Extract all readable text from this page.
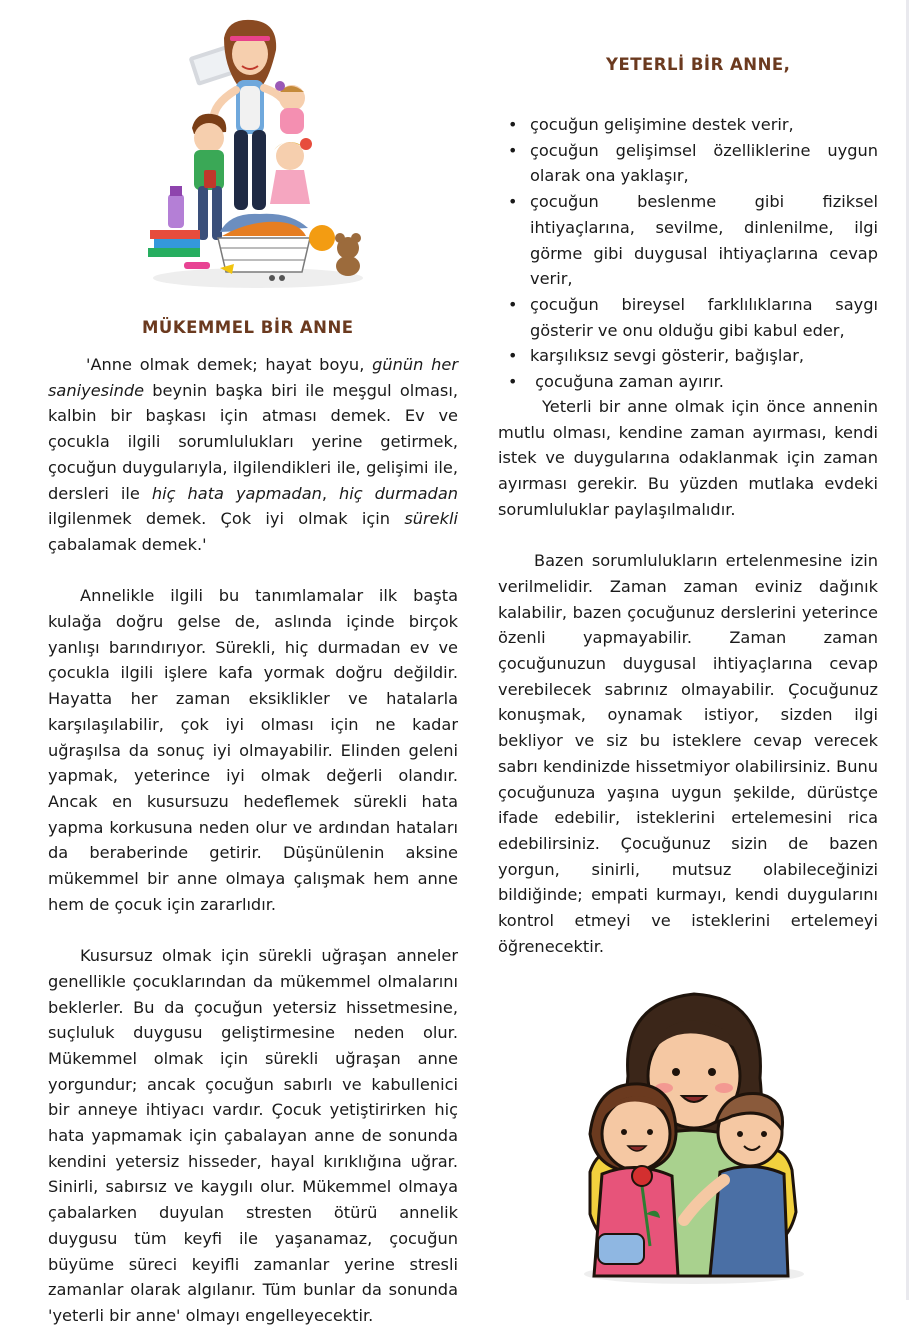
MÜKEMMEL BİR ANNE

'Anne olmak demek; hayat boyu, günün her saniyesinde beynin başka biri ile meşgul olması, kalbin bir başkası için atması demek. Ev ve çocukla ilgili sorumlulukları yerine getirmek, çocuğun duygularıyla, ilgilendikleri ile, gelişimi ile, dersleri ile hiç hata yapmadan, hiç durmadan ilgilenmek demek. Çok iyi olmak için sürekli çabalamak demek.'

Annelikle ilgili bu tanımlamalar ilk başta kulağa doğru gelse de, aslında içinde birçok yanlışı barındırıyor. Sürekli, hiç durmadan ev ve çocukla ilgili işlere kafa yormak doğru değildir. Hayatta her zaman eksiklikler ve hatalarla karşılaşılabilir, çok iyi olması için ne kadar uğraşılsa da sonuç iyi olmayabilir. Elinden geleni yapmak, yeterince iyi olmak değerli olandır. Ancak en kusursuzu hedeflemek sürekli hata yapma korkusuna neden olur ve ardından hataları da beraberinde getirir. Düşünülenin aksine mükemmel bir anne olmaya çalışmak hem anne hem de çocuk için zararlıdır.

Kusursuz olmak için sürekli uğraşan anneler genellikle çocuklarından da mükemmel olmalarını beklerler. Bu da çocuğun yetersiz hissetmesine, suçluluk duygusu geliştirmesine neden olur. Mükemmel olmak için sürekli uğraşan anne yorgundur; ancak çocuğun sabırlı ve kabullenici bir anneye ihtiyacı vardır. Çocuk yetiştirirken hiç hata yapmamak için çabalayan anne de sonunda kendini yetersiz hisseder, hayal kırıklığına uğrar. Sinirli, sabırsız ve kaygılı olur. Mükemmel olmaya çabalarken duyulan stresten ötürü annelik duygusu tüm keyfi ile yaşanamaz, çocuğun büyüme süreci keyifli zamanlar yerine stresli zamanlar olarak algılanır. Tüm bunlar da sonunda 'yeterli bir anne' olmayı engelleyecektir.

YETERLİ BİR ANNE,
• çocuğun gelişimine destek verir,
• çocuğun gelişimsel özelliklerine uygun olarak ona yaklaşır,
• çocuğun beslenme gibi fiziksel ihtiyaçlarına, sevilme, dinlenilme, ilgi görme gibi duygusal ihtiyaçlarına cevap verir,
• çocuğun bireysel farklılıklarına saygı gösterir ve onu olduğu gibi kabul eder,
• karşılıksız sevgi gösterir, bağışlar,
•  çocuğuna zaman ayırır.

Yeterli bir anne olmak için önce annenin mutlu olması, kendine zaman ayırması, kendi istek ve duygularına odaklanmak için zaman ayırması gerekir. Bu yüzden mutlaka evdeki sorumluluklar paylaşılmalıdır.

Bazen sorumlulukların ertelenmesine izin verilmelidir. Zaman zaman eviniz dağınık kalabilir, bazen çocuğunuz derslerini yeterince özenli yapmayabilir. Zaman zaman çocuğunuzun duygusal ihtiyaçlarına cevap verebilecek sabrınız olmayabilir. Çocuğunuz konuşmak, oynamak istiyor, sizden ilgi bekliyor ve siz bu isteklere cevap verecek sabrı kendinizde hissetmiyor olabilirsiniz. Bunu çocuğunuza yaşına uygun şekilde, dürüstçe ifade edebilir, isteklerini ertelemesini rica edebilirsiniz. Çocuğunuz sizin de bazen yorgun, sinirli, mutsuz olabileceğinizi bildiğinde; empati kurmayı, kendi duygularını kontrol etmeyi ve isteklerini ertelemeyi öğrenecektir.
